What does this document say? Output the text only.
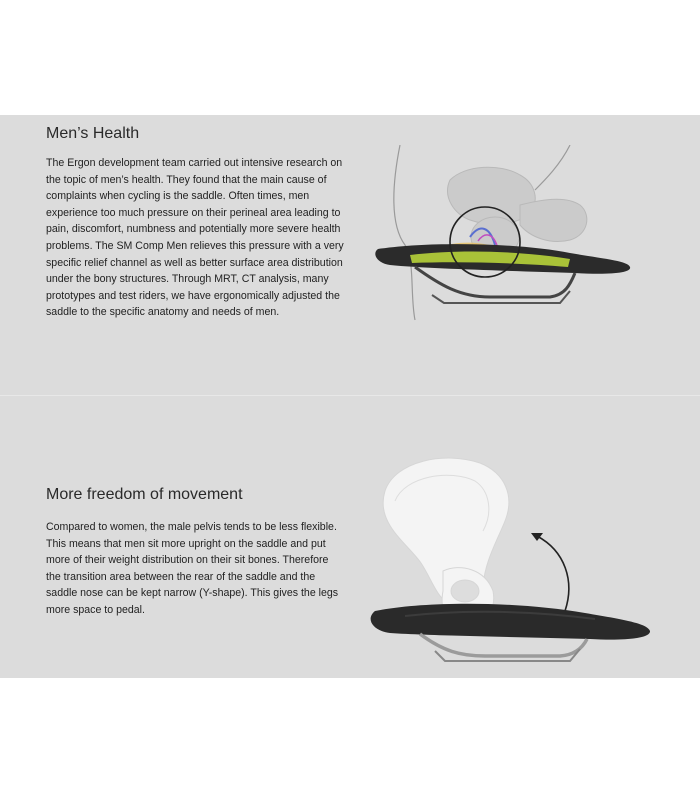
Men’s Health

The Ergon development team carried out intensive research on the topic of men’s health. They found that the main cause of complaints when cycling is the saddle. Often times, men experience too much pressure on their perineal area leading to pain, discomfort, numbness and potentially more severe health problems. The SM Comp Men relieves this pressure with a very specific relief channel as well as better surface area distribution under the bony structures. Through MRT, CT analysis, many prototypes and test riders, we have ergonomically adjusted the saddle to the specific anatomy and needs of men.

More freedom of movement

Compared to women, the male pelvis tends to be less flexible. This means that men sit more upright on the saddle and put more of their weight distribution on their sit bones. Therefore the transition area between the rear of the saddle and the saddle nose can be kept narrow (Y-shape). This gives the legs more space to pedal.
